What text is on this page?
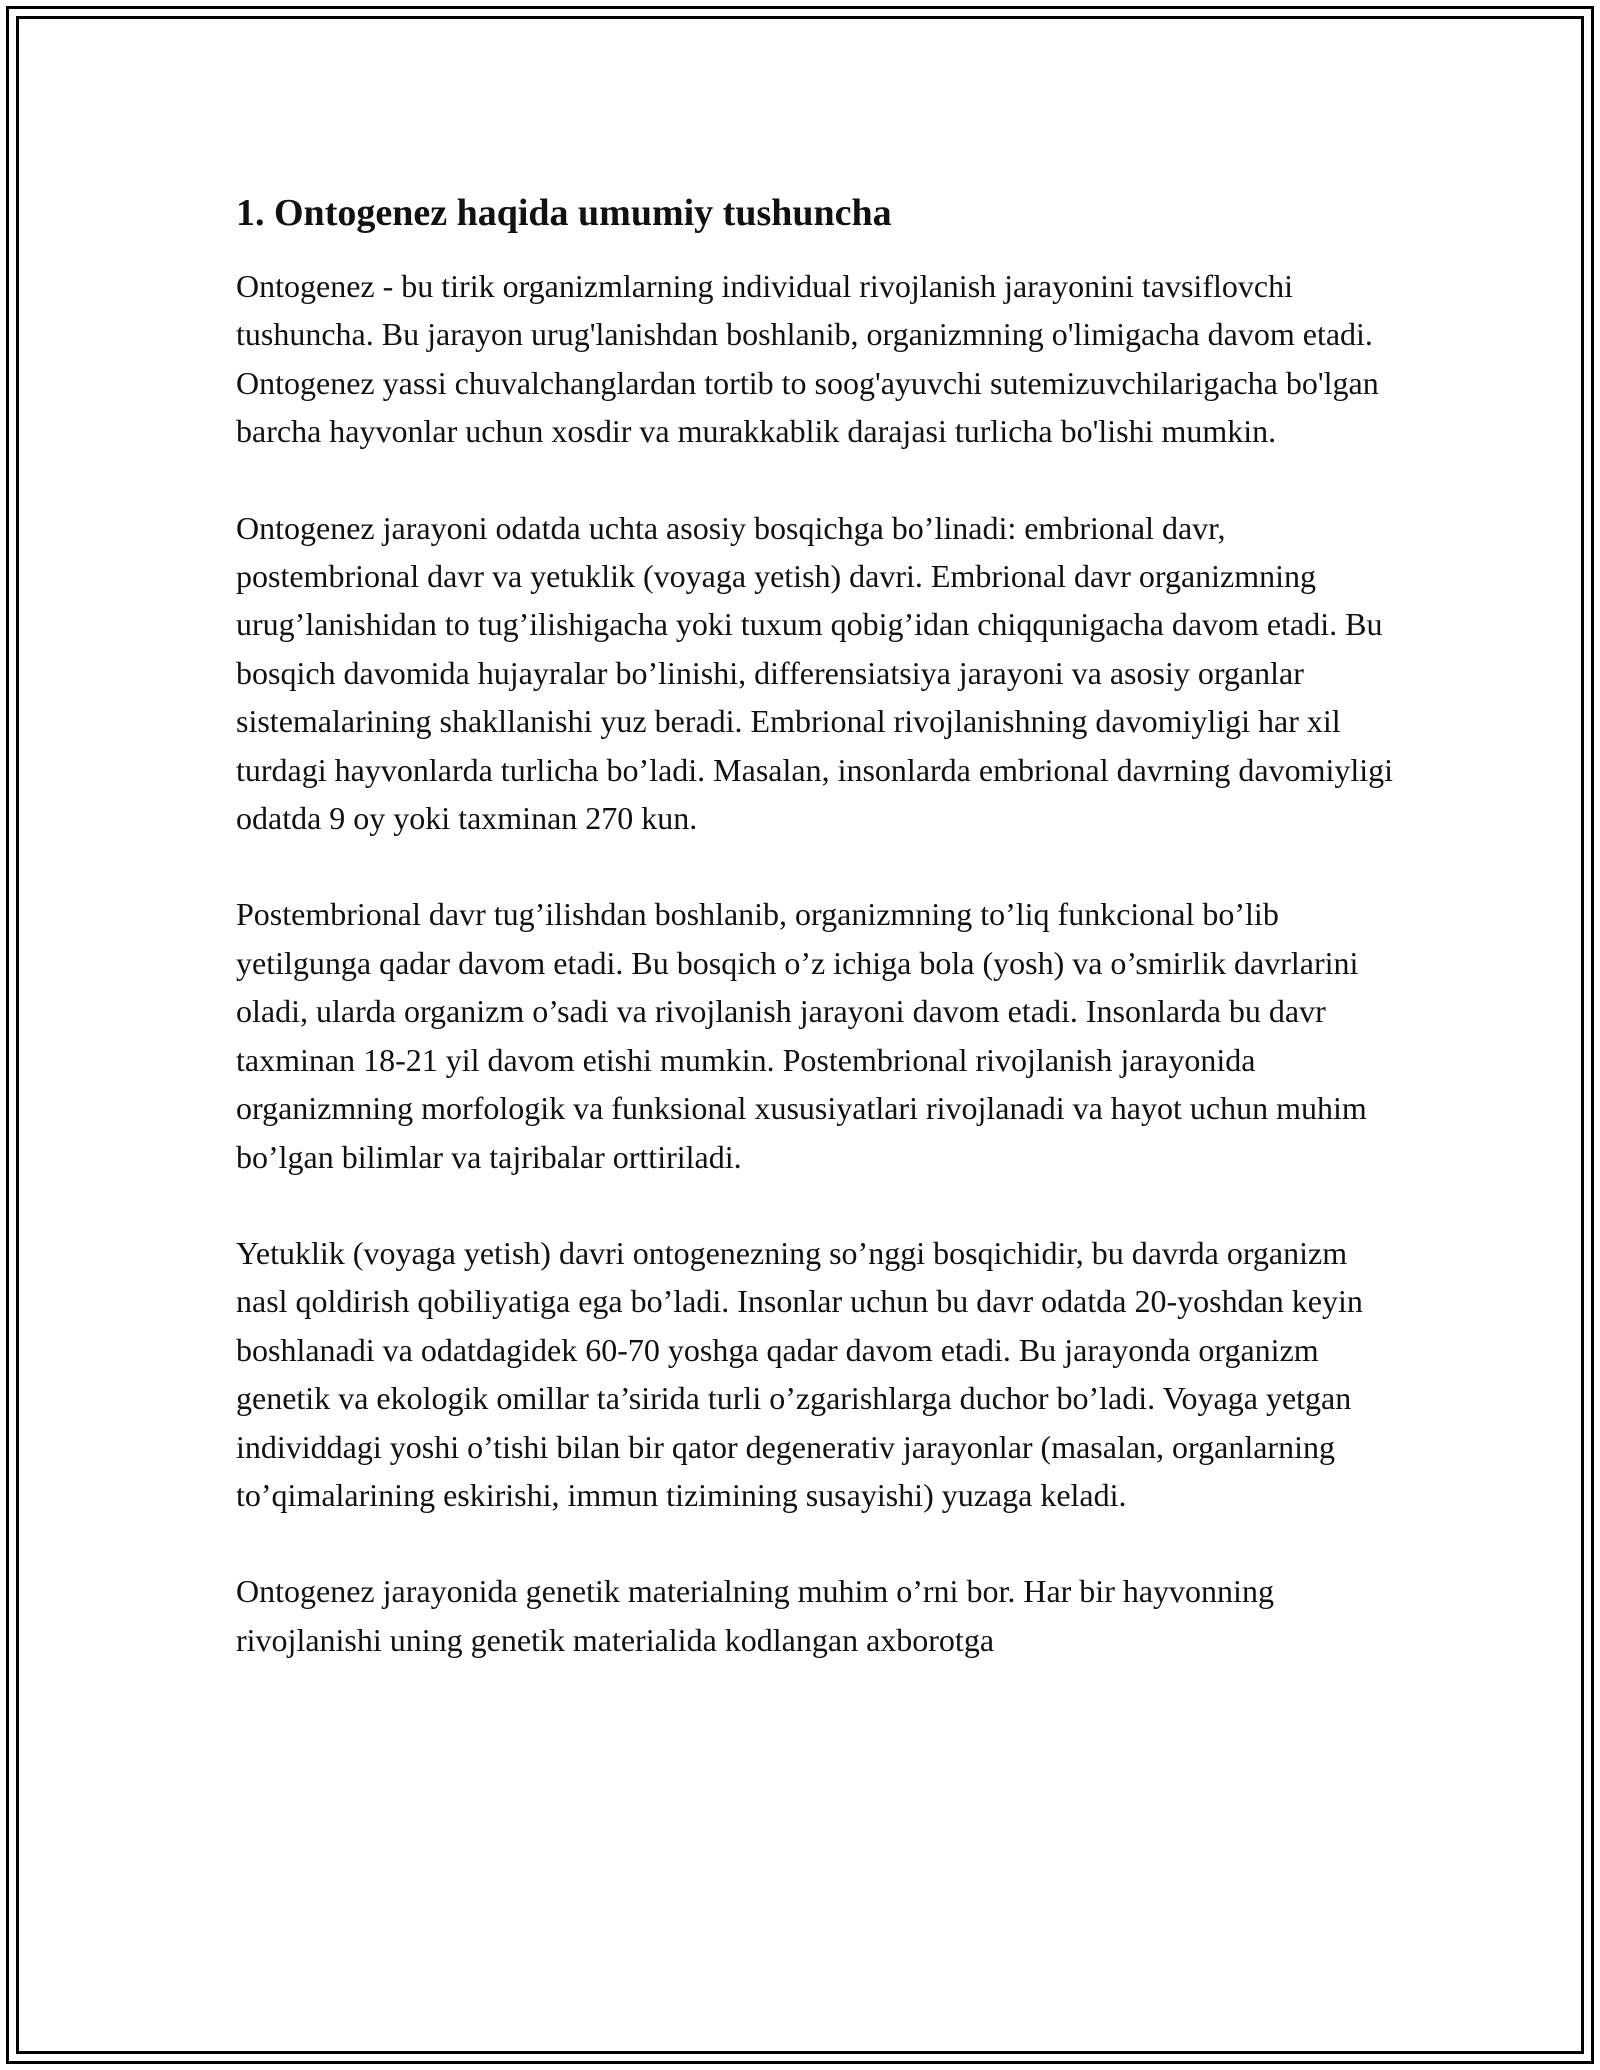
1. Ontogenez haqida umumiy tushuncha

Ontogenez - bu tirik organizmlarning individual rivojlanish jarayonini tavsiflovchi tushuncha. Bu jarayon urug'lanishdan boshlanib, organizmning o'limigacha davom etadi. Ontogenez yassi chuvalchanglardan tortib to soog'ayuvchi sutemizuvchilarigacha bo'lgan barcha hayvonlar uchun xosdir va murakkablik darajasi turlicha bo'lishi mumkin.

Ontogenez jarayoni odatda uchta asosiy bosqichga bo’linadi: embrional davr, postembrional davr va yetuklik (voyaga yetish) davri. Embrional davr organizmning urug’lanishidan to tug’ilishigacha yoki tuxum qobig’idan chiqqunigacha davom etadi. Bu bosqich davomida hujayralar bo’linishi, differensiatsiya jarayoni va asosiy organlar sistemalarining shakllanishi yuz beradi. Embrional rivojlanishning davomiyligi har xil turdagi hayvonlarda turlicha bo’ladi. Masalan, insonlarda embrional davrning davomiyligi odatda 9 oy yoki taxminan 270 kun.

Postembrional davr tug’ilishdan boshlanib, organizmning to’liq funkcional bo’lib yetilgunga qadar davom etadi. Bu bosqich o’z ichiga bola (yosh) va o’smirlik davrlarini oladi, ularda organizm o’sadi va rivojlanish jarayoni davom etadi. Insonlarda bu davr taxminan 18-21 yil davom etishi mumkin. Postembrional rivojlanish jarayonida organizmning morfologik va funksional xususiyatlari rivojlanadi va hayot uchun muhim bo’lgan bilimlar va tajribalar orttiriladi.

Yetuklik (voyaga yetish) davri ontogenezning so’nggi bosqichidir, bu davrda organizm nasl qoldirish qobiliyatiga ega bo’ladi. Insonlar uchun bu davr odatda 20-yoshdan keyin boshlanadi va odatdagidek 60-70 yoshga qadar davom etadi. Bu jarayonda organizm genetik va ekologik omillar ta’sirida turli o’zgarishlarga duchor bo’ladi. Voyaga yetgan individdagi yoshi o’tishi bilan bir qator degenerativ jarayonlar (masalan, organlarning to’qimalarining eskirishi, immun tizimining susayishi) yuzaga keladi.

Ontogenez jarayonida genetik materialning muhim o’rni bor. Har bir hayvonning rivojlanishi uning genetik materialida kodlangan axborotga
